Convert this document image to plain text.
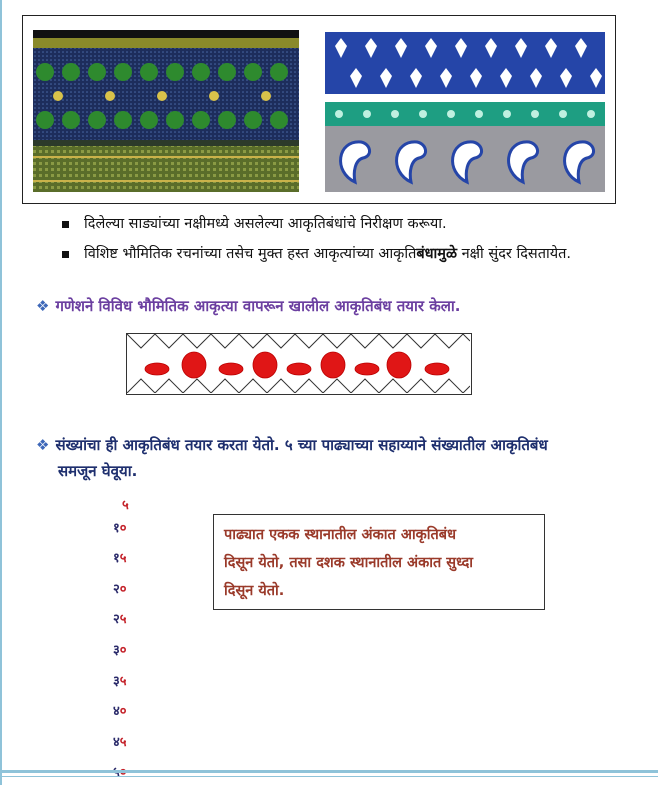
दिलेल्या साड्यांच्या नक्षीमध्ये असलेल्या आकृतिबंधांचे निरीक्षण करूया.
विशिष्ट भौमितिक रचनांच्या तसेच मुक्त हस्त आकृत्यांच्या आकृतिबंधामुळे नक्षी सुंदर दिसतायेत.
❖ गणेशने विविध भौमितिक आकृत्या वापरून खालील आकृतिबंध तयार केला.
❖ संख्यांचा ही आकृतिबंध तयार करता येतो. ५ च्या पाढ्याच्या सहाय्याने संख्यातील आकृतिबंध
समजून घेवूया.
५
१०
१५
२०
२५
३०
३५
४०
४५
पाढ्यात एकक स्थानातील अंकात आकृतिबंध
दिसून येतो, तसा दशक स्थानातील अंकात सुध्दा
दिसून येतो.
